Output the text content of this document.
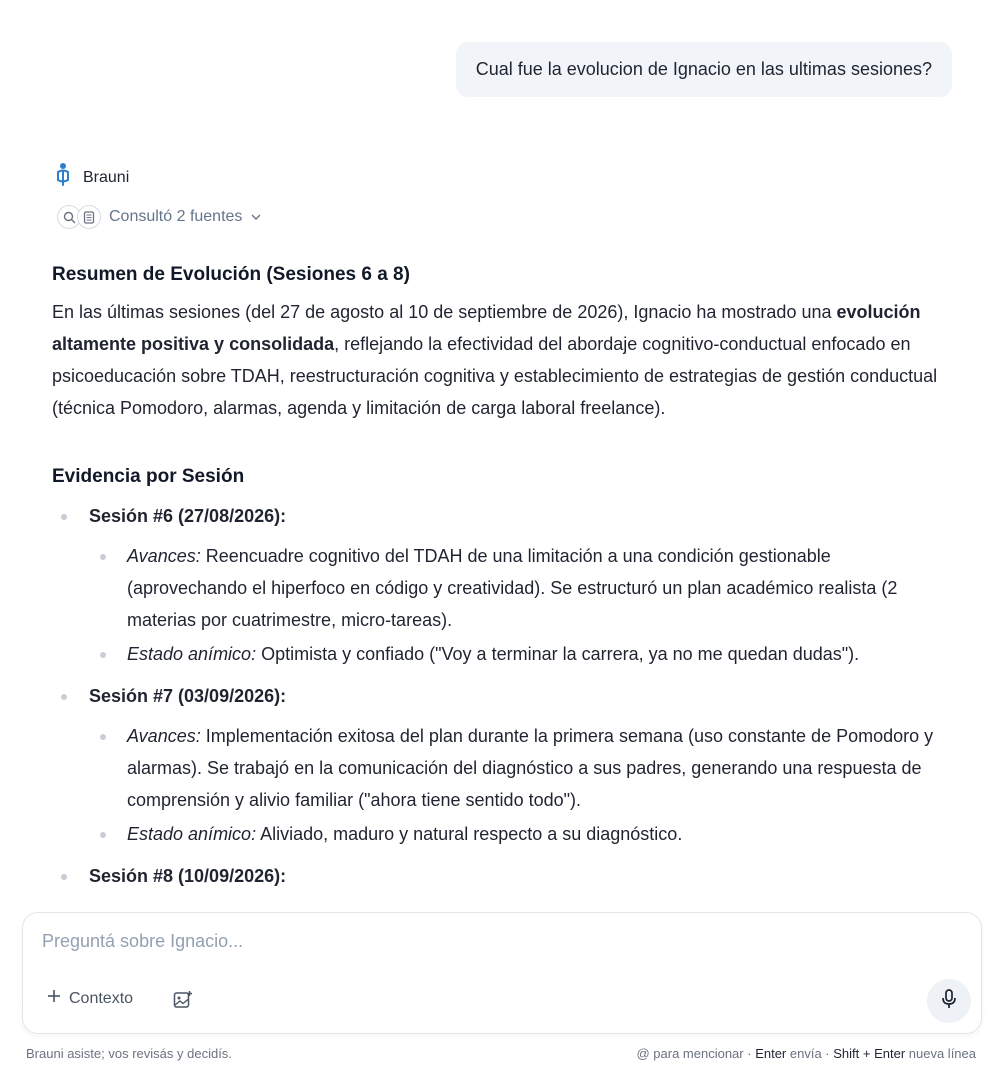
Cual fue la evolucion de Ignacio en las ultimas sesiones?
Brauni
Consultó 2 fuentes
Resumen de Evolución (Sesiones 6 a 8)

En las últimas sesiones (del 27 de agosto al 10 de septiembre de 2026), Ignacio ha mostrado una evolución altamente positiva y consolidada, reflejando la efectividad del abordaje cognitivo-conductual enfocado en psicoeducación sobre TDAH, reestructuración cognitiva y establecimiento de estrategias de gestión conductual (técnica Pomodoro, alarmas, agenda y limitación de carga laboral freelance).

Evidencia por Sesión
Sesión #6 (27/08/2026):
Avances: Reencuadre cognitivo del TDAH de una limitación a una condición gestionable (aprovechando el hiperfoco en código y creatividad). Se estructuró un plan académico realista (2 materias por cuatrimestre, micro-tareas).
Estado anímico: Optimista y confiado ("Voy a terminar la carrera, ya no me quedan dudas").
Sesión #7 (03/09/2026):
Avances: Implementación exitosa del plan durante la primera semana (uso constante de Pomodoro y alarmas). Se trabajó en la comunicación del diagnóstico a sus padres, generando una respuesta de comprensión y alivio familiar ("ahora tiene sentido todo").
Estado anímico: Aliviado, maduro y natural respecto a su diagnóstico.
Sesión #8 (10/09/2026):
Preguntá sobre Ignacio...
Contexto
Brauni asiste; vos revisás y decidís.	@ para mencionar · Enter envía · Shift + Enter nueva línea
